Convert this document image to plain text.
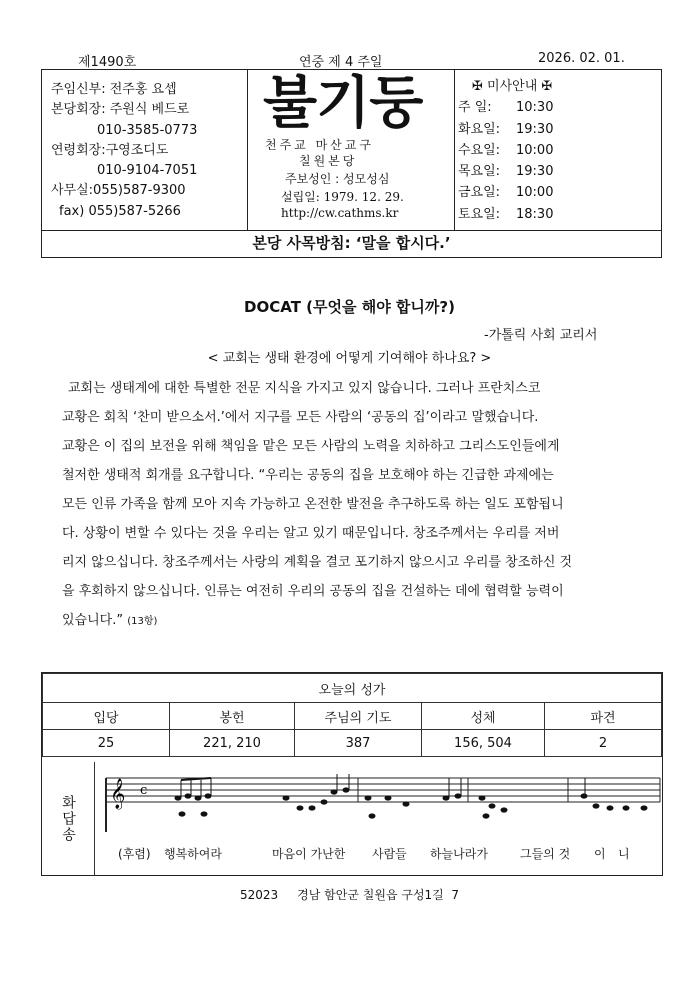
제1490호	연중 제 4 주일	2026. 02. 01.
주임신부: 전주홍 요셉
본당회장: 주원식 베드로
010-3585-0773
연령회장:구영조디도
010-9104-7051
사무실:055)587-9300
fax) 055)587-5266
불기둥
천주교 마산교구
칠원본당
주보성인 : 성모성심
설립일: 1979. 12. 29.
http://cw.cathms.kr
✠ 미사안내 ✠
주 일: 10:30
화요일: 19:30
수요일: 10:00
목요일: 19:30
금요일: 10:00
토요일: 18:30
본당 사목방침: ‘말을 합시다.’
DOCAT (무엇을 해야 합니까?)
-가톨릭 사회 교리서
< 교회는 생태 환경에 어떻게 기여해야 하나요? >
교회는 생태계에 대한 특별한 전문 지식을 가지고 있지 않습니다. 그러나 프란치스코
교황은 회칙 ‘찬미 받으소서.’에서 지구를 모든 사람의 ‘공동의 집’이라고 말했습니다.
교황은 이 집의 보전을 위해 책임을 맡은 모든 사람의 노력을 치하하고 그리스도인들에게
철저한 생태적 회개를 요구합니다. “우리는 공동의 집을 보호해야 하는 긴급한 과제에는
모든 인류 가족을 함께 모아 지속 가능하고 온전한 발전을 추구하도록 하는 일도 포함됩니
다. 상황이 변할 수 있다는 것을 우리는 알고 있기 때문입니다. 창조주께서는 우리를 저버
리지 않으십니다. 창조주께서는 사랑의 계획을 결코 포기하지 않으시고 우리를 창조하신 것
을 후회하지 않으십니다. 인류는 여전히 우리의 공동의 집을 건설하는 데에 협력할 능력이
있습니다.” (13항)
오늘의 성가				
입당	봉헌	주님의 기도	성체	파견
25	221, 210	387	156, 504	2
화답송
𝄞 c
(후렴) 행복하여라	마음이 가난한 사람들 하늘나라가	그들의 것 이 니
52023     경남 함안군 칠원읍 구성1길  7
